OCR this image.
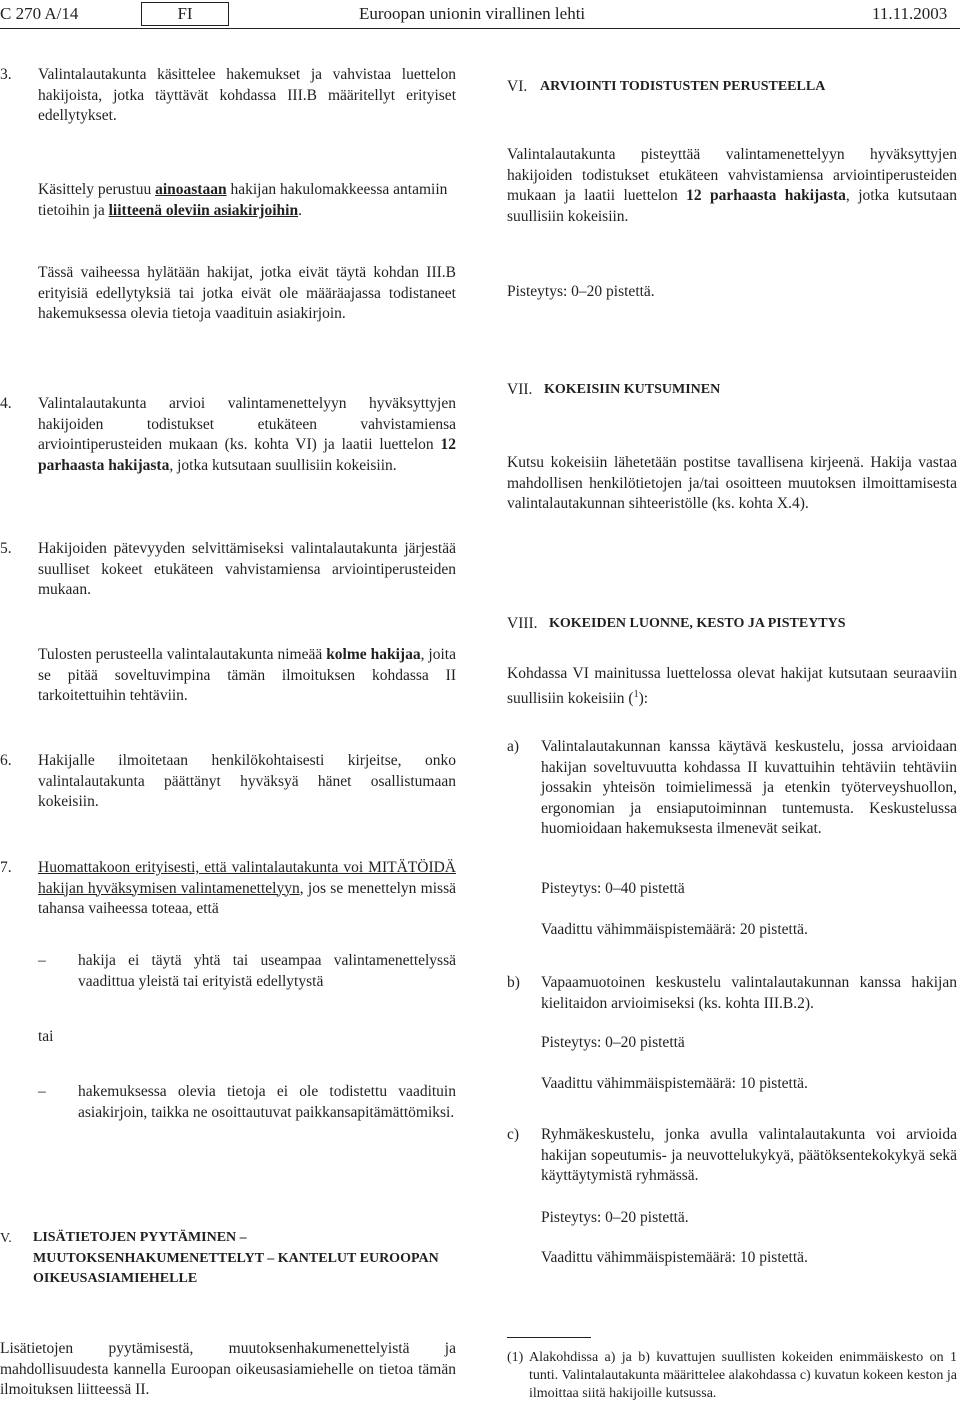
C 270 A/14	FI	Euroopan unionin virallinen lehti	11.11.2003
3. Valintalautakunta käsittelee hakemukset ja vahvistaa luettelon hakijoista, jotka täyttävät kohdassa III.B määritellyt erityiset edellytykset.
Käsittely perustuu ainoastaan hakijan hakulomakkeessa antamiin tietoihin ja liitteenä oleviin asiakirjoihin.
Tässä vaiheessa hylätään hakijat, jotka eivät täytä kohdan III.B erityisiä edellytyksiä tai jotka eivät ole määräajassa todistaneet hakemuksessa olevia tietoja vaadituin asiakirjoin.
4. Valintalautakunta arvioi valintamenettelyyn hyväksyttyjen hakijoiden todistukset etukäteen vahvistamiensa arviointiperusteiden mukaan (ks. kohta VI) ja laatii luettelon 12 parhaasta hakijasta, jotka kutsutaan suullisiin kokeisiin.
5. Hakijoiden pätevyyden selvittämiseksi valintalautakunta järjestää suulliset kokeet etukäteen vahvistamiensa arviointiperusteiden mukaan.
Tulosten perusteella valintalautakunta nimeää kolme hakijaa, joita se pitää soveltuvimpina tämän ilmoituksen kohdassa II tarkoitettuihin tehtäviin.
6. Hakijalle ilmoitetaan henkilökohtaisesti kirjeitse, onko valintalautakunta päättänyt hyväksyä hänet osallistumaan kokeisiin.
7. Huomattakoon erityisesti, että valintalautakunta voi MITÄTÖIDÄ hakijan hyväksymisen valintamenettelyyn, jos se menettelyn missä tahansa vaiheessa toteaa, että
– hakija ei täytä yhtä tai useampaa valintamenettelyssä vaadittua yleistä tai erityistä edellytystä
tai
– hakemuksessa olevia tietoja ei ole todistettu vaadituin asiakirjoin, taikka ne osoittautuvat paikkansapitämättömiksi.
V. LISÄTIETOJEN PYYTÄMINEN – MUUTOKSENHAKUMENETTELYT – KANTELUT EUROOPAN OIKEUSASIAMIEHELLE
Lisätietojen pyytämisestä, muutoksenhakumenettelyistä ja mahdollisuudesta kannella Euroopan oikeusasiamiehelle on tietoa tämän ilmoituksen liitteessä II.
VI. ARVIOINTI TODISTUSTEN PERUSTEELLA
Valintalautakunta pisteyttää valintamenettelyyn hyväksyttyjen hakijoiden todistukset etukäteen vahvistamiensa arviointiperusteiden mukaan ja laatii luettelon 12 parhaasta hakijasta, jotka kutsutaan suullisiin kokeisiin.
Pisteytys: 0–20 pistettä.
VII. KOKEISIIN KUTSUMINEN
Kutsu kokeisiin lähetetään postitse tavallisena kirjeenä. Hakija vastaa mahdollisen henkilötietojen ja/tai osoitteen muutoksen ilmoittamisesta valintalautakunnan sihteeristölle (ks. kohta X.4).
VIII. KOKEIDEN LUONNE, KESTO JA PISTEYTYS
Kohdassa VI mainitussa luettelossa olevat hakijat kutsutaan seuraaviin suullisiin kokeisiin ($^1$):
a) Valintalautakunnan kanssa käytävä keskustelu, jossa arvioidaan hakijan soveltuvuutta kohdassa II kuvattuihin tehtäviin tehtäviin jossakin yhteisön toimielimessä ja etenkin työterveyshuollon, ergonomian ja ensiaputoiminnan tuntemusta. Keskustelussa huomioidaan hakemuksesta ilmenevät seikat.
Pisteytys: 0–40 pistettä
Vaadittu vähimmäispistemäärä: 20 pistettä.
b) Vapaamuotoinen keskustelu valintalautakunnan kanssa hakijan kielitaidon arvioimiseksi (ks. kohta III.B.2).
Pisteytys: 0–20 pistettä
Vaadittu vähimmäispistemäärä: 10 pistettä.
c) Ryhmäkeskustelu, jonka avulla valintalautakunta voi arvioida hakijan sopeutumis- ja neuvottelukykyä, päätöksentekokykyä sekä käyttäytymistä ryhmässä.
Pisteytys: 0–20 pistettä.
Vaadittu vähimmäispistemäärä: 10 pistettä.
(1) Alakohdissa a) ja b) kuvattujen suullisten kokeiden enimmäiskesto on 1 tunti. Valintalautakunta määrittelee alakohdassa c) kuvatun kokeen keston ja ilmoittaa siitä hakijoille kutsussa.
